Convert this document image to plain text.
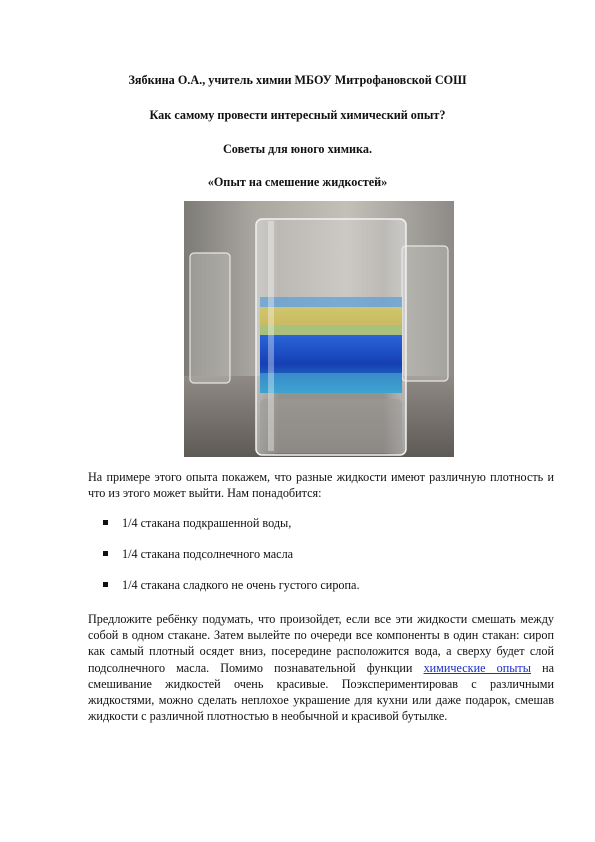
Зябкина О.А., учитель химии МБОУ Митрофановской СОШ

Как самому провести интересный химический опыт?

Советы для юного химика.

«Опыт на смешение жидкостей»

На примере этого опыта покажем, что разные жидкости имеют различную плотность и что из этого может выйти. Нам понадобится:

1/4 стакана подкрашенной воды,
1/4 стакана подсолнечного масла
1/4 стакана сладкого не очень густого сиропа.

Предложите ребёнку подумать, что произойдет, если все эти жидкости смешать между собой в одном стакане. Затем вылейте по очереди все компоненты в один стакан: сироп как самый плотный осядет вниз, посередине расположится вода, а сверху будет слой подсолнечного масла. Помимо познавательной функции химические опыты на смешивание жидкостей очень красивые. Поэкспериментировав с различными жидкостями, можно сделать неплохое украшение для кухни или даже подарок, смешав жидкости с различной плотностью в необычной и красивой бутылке.
